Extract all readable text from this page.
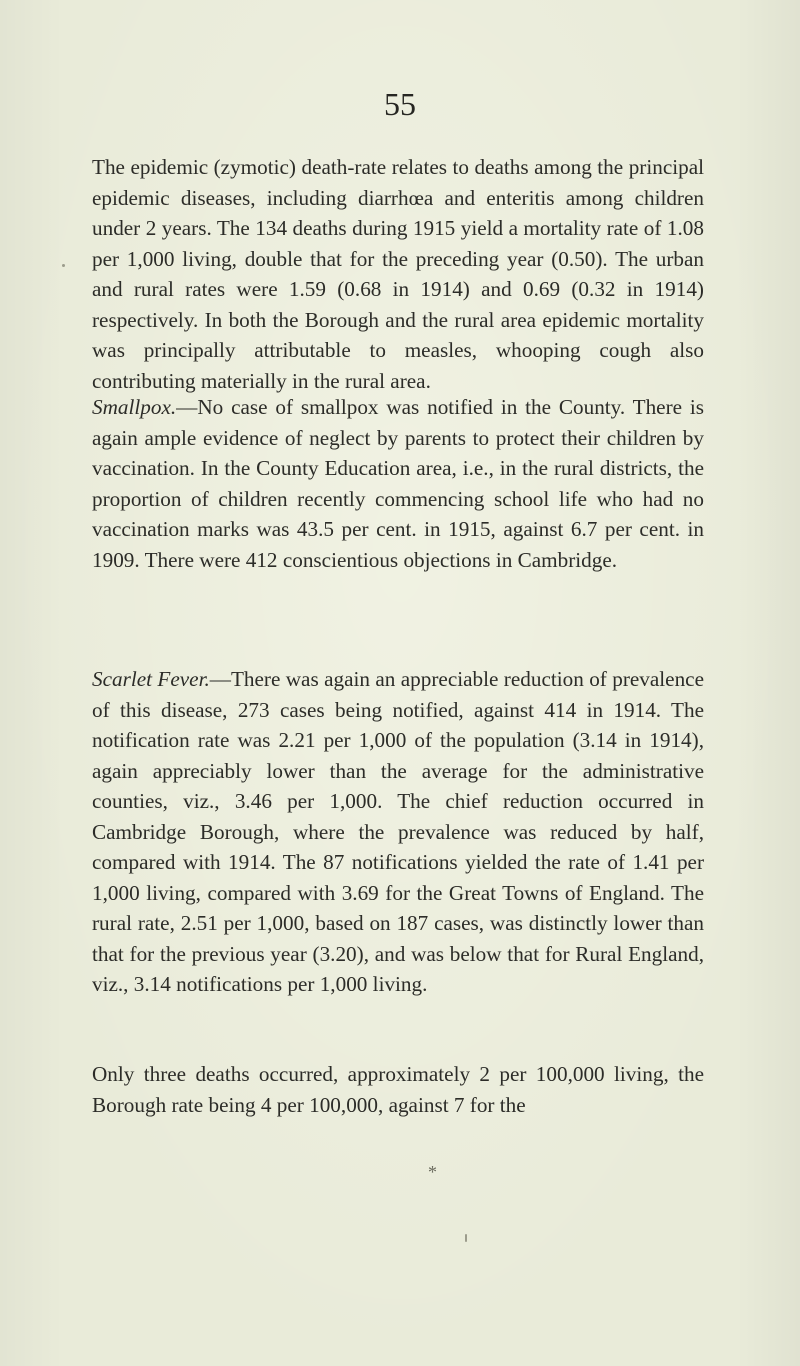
55

The epidemic (zymotic) death-rate relates to deaths among the principal epidemic diseases, including diarrhœa and enteritis among children under 2 years. The 134 deaths during 1915 yield a mortality rate of 1.08 per 1,000 living, double that for the preceding year (0.50). The urban and rural rates were 1.59 (0.68 in 1914) and 0.69 (0.32 in 1914) respectively. In both the Borough and the rural area epidemic mortality was principally attributable to measles, whooping cough also contributing materially in the rural area.

Smallpox.—No case of smallpox was notified in the County. There is again ample evidence of neglect by parents to protect their children by vaccination. In the County Education area, i.e., in the rural districts, the proportion of children recently commencing school life who had no vaccination marks was 43.5 per cent. in 1915, against 6.7 per cent. in 1909. There were 412 conscientious objections in Cambridge.

Scarlet Fever.—There was again an appreciable reduction of prevalence of this disease, 273 cases being notified, against 414 in 1914. The notification rate was 2.21 per 1,000 of the population (3.14 in 1914), again appreciably lower than the average for the administrative counties, viz., 3.46 per 1,000. The chief reduction occurred in Cambridge Borough, where the prevalence was reduced by half, compared with 1914. The 87 notifications yielded the rate of 1.41 per 1,000 living, compared with 3.69 for the Great Towns of England. The rural rate, 2.51 per 1,000, based on 187 cases, was distinctly lower than that for the previous year (3.20), and was below that for Rural England, viz., 3.14 notifications per 1,000 living.

Only three deaths occurred, approximately 2 per 100,000 living, the Borough rate being 4 per 100,000, against 7 for the

*
